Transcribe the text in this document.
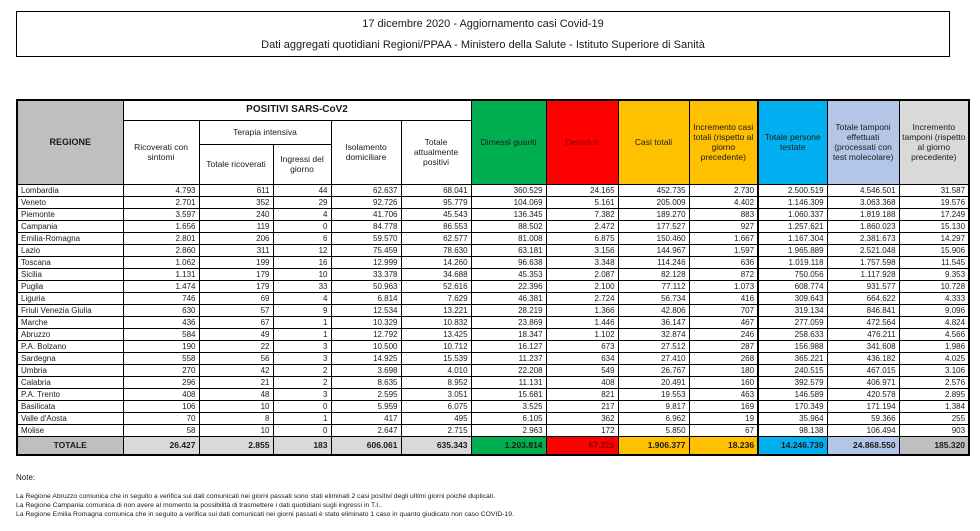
17 dicembre 2020 - Aggiornamento casi Covid-19
Dati aggregati quotidiani Regioni/PPAA - Ministero della Salute - Istituto Superiore di Sanità
REGIONE	POSITIVI SARS-CoV2					Dimessi guariti	Deceduti	Casi totali	Incremento casi totali (rispetto al giorno precedente)	Totale persone testate	Totale tamponi effettuati (processati con test molecolare)	Incremento tamponi (rispetto al giorno precedente)
	Ricoverati con sintomi	Terapia intensiva		Isolamento domiciliare	Totale attualmente positivi							
		Totale ricoverati	Ingressi del giorno									
Lombardia	4.793	611	44	62.637	68.041	360.529	24.165	452.735	2.730	2.500.519	4.546.501	31.587
Veneto	2.701	352	29	92.726	95.779	104.069	5.161	205.009	4.402	1.146.309	3.063.368	19.576
Piemonte	3.597	240	4	41.706	45.543	136.345	7.382	189.270	883	1.060.337	1.819.188	17.249
Campania	1.656	119	0	84.778	86.553	88.502	2.472	177.527	927	1.257.621	1.860.023	15.130
Emilia-Romagna	2.801	206	6	59.570	62.577	81.008	6.875	150.460	1.667	1.167.304	2.381.673	14.297
Lazio	2.860	311	12	75.459	78.630	63.181	3.156	144.967	1.597	1.965.889	2.521.048	15.906
Toscana	1.062	199	16	12.999	14.260	96.638	3.348	114.246	636	1.019.118	1.757.598	11.545
Sicilia	1.131	179	10	33.378	34.688	45.353	2.087	82.128	872	750.056	1.117.928	9.353
Puglia	1.474	179	33	50.963	52.616	22.396	2.100	77.112	1.073	608.774	931.577	10.728
Liguria	746	69	4	6.814	7.629	46.381	2.724	56.734	416	309.643	664.622	4.333
Friuli Venezia Giulia	630	57	9	12.534	13.221	28.219	1.366	42.806	707	319.134	846.841	9.096
Marche	436	67	1	10.329	10.832	23.869	1.446	36.147	467	277.059	472.564	4.824
Abruzzo	584	49	1	12.792	13.425	18.347	1.102	32.874	246	258.633	476.211	4.566
P.A. Bolzano	190	22	3	10.500	10.712	16.127	673	27.512	287	156.988	341.608	1.986
Sardegna	558	56	3	14.925	15.539	11.237	634	27.410	268	365.221	436.182	4.025
Umbria	270	42	2	3.698	4.010	22.208	549	26.767	180	240.515	467.015	3.106
Calabria	296	21	2	8.635	8.952	11.131	408	20.491	160	392.579	406.971	2.576
P.A. Trento	408	48	3	2.595	3.051	15.681	821	19.553	463	146.589	420.578	2.895
Basilicata	106	10	0	5.959	6.075	3.525	217	9.817	169	170.349	171.194	1.384
Valle d'Aosta	70	8	1	417	495	6.105	362	6.962	19	35.964	59.366	255
Molise	58	10	0	2.647	2.715	2.963	172	5.850	67	98.138	106.494	903
TOTALE	26.427	2.855	183	606.061	635.343	1.203.814	67.220	1.906.377	18.236	14.246.739	24.868.550	185.320
Note:
La Regione Abruzzo comunica che in seguito a verifica sui dati comunicati nei giorni passati sono stati eliminati 2 casi positivi degli ultimi giorni poiché duplicati.
La Regione Campania comunica di non avere al momento la possibilità di trasmettere i dati quotidiani sugli ingressi in T.I..
La Regione Emilia Romagna comunica che in seguito a verifica sui dati comunicati nei giorni passati è stato eliminato 1 caso in quanto giudicato non caso COVID-19.
